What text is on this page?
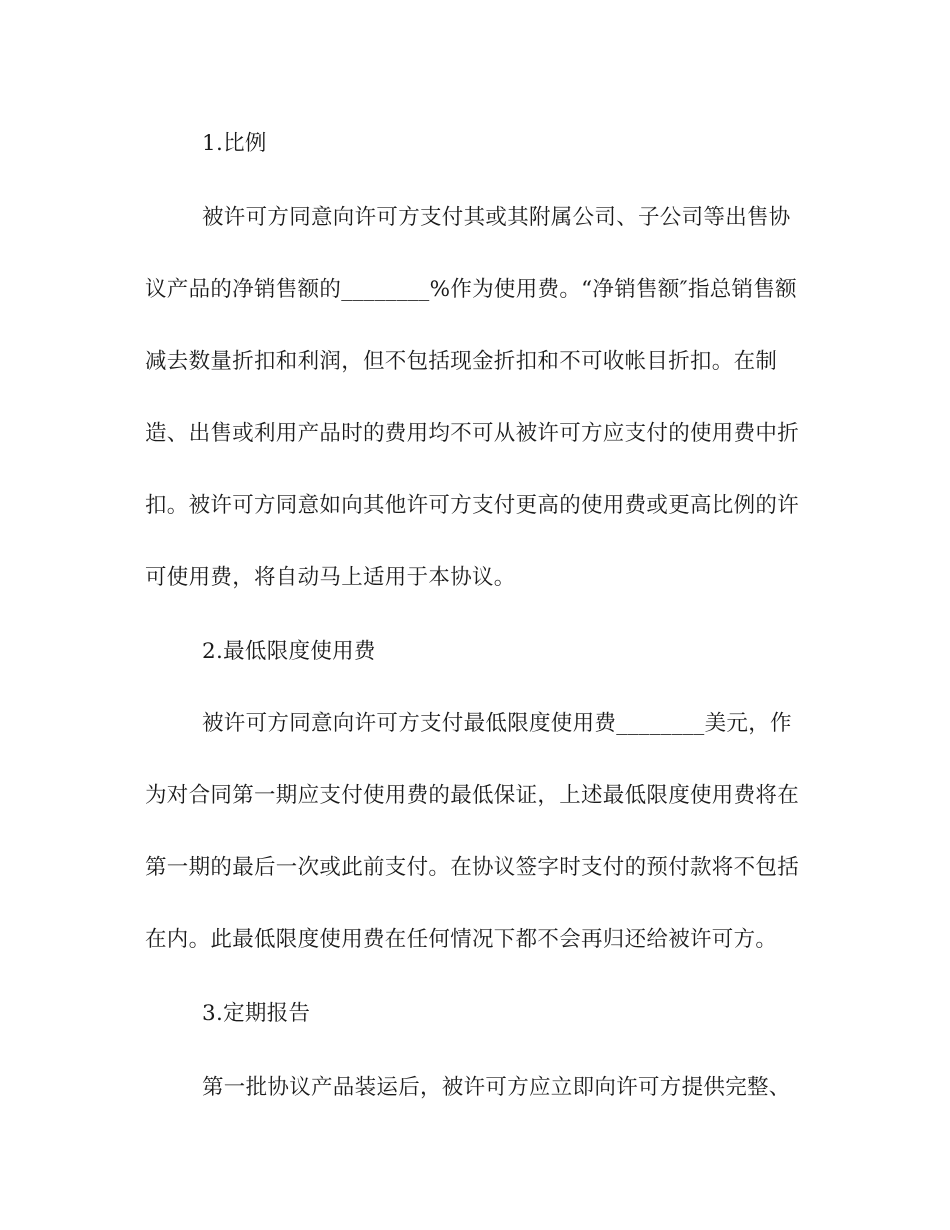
1.比例
被许可方同意向许可方支付其或其附属公司、子公司等出售协
议产品的净销售额的________%作为使用费。“净销售额″指总销售额
减去数量折扣和利润，但不包括现金折扣和不可收帐目折扣。在制
造、出售或利用产品时的费用均不可从被许可方应支付的使用费中折
扣。被许可方同意如向其他许可方支付更高的使用费或更高比例的许
可使用费，将自动马上适用于本协议。
2.最低限度使用费
被许可方同意向许可方支付最低限度使用费________美元，作
为对合同第一期应支付使用费的最低保证，上述最低限度使用费将在
第一期的最后一次或此前支付。在协议签字时支付的预付款将不包括
在内。此最低限度使用费在任何情况下都不会再归还给被许可方。
3.定期报告
第一批协议产品装运后，被许可方应立即向许可方提供完整、
